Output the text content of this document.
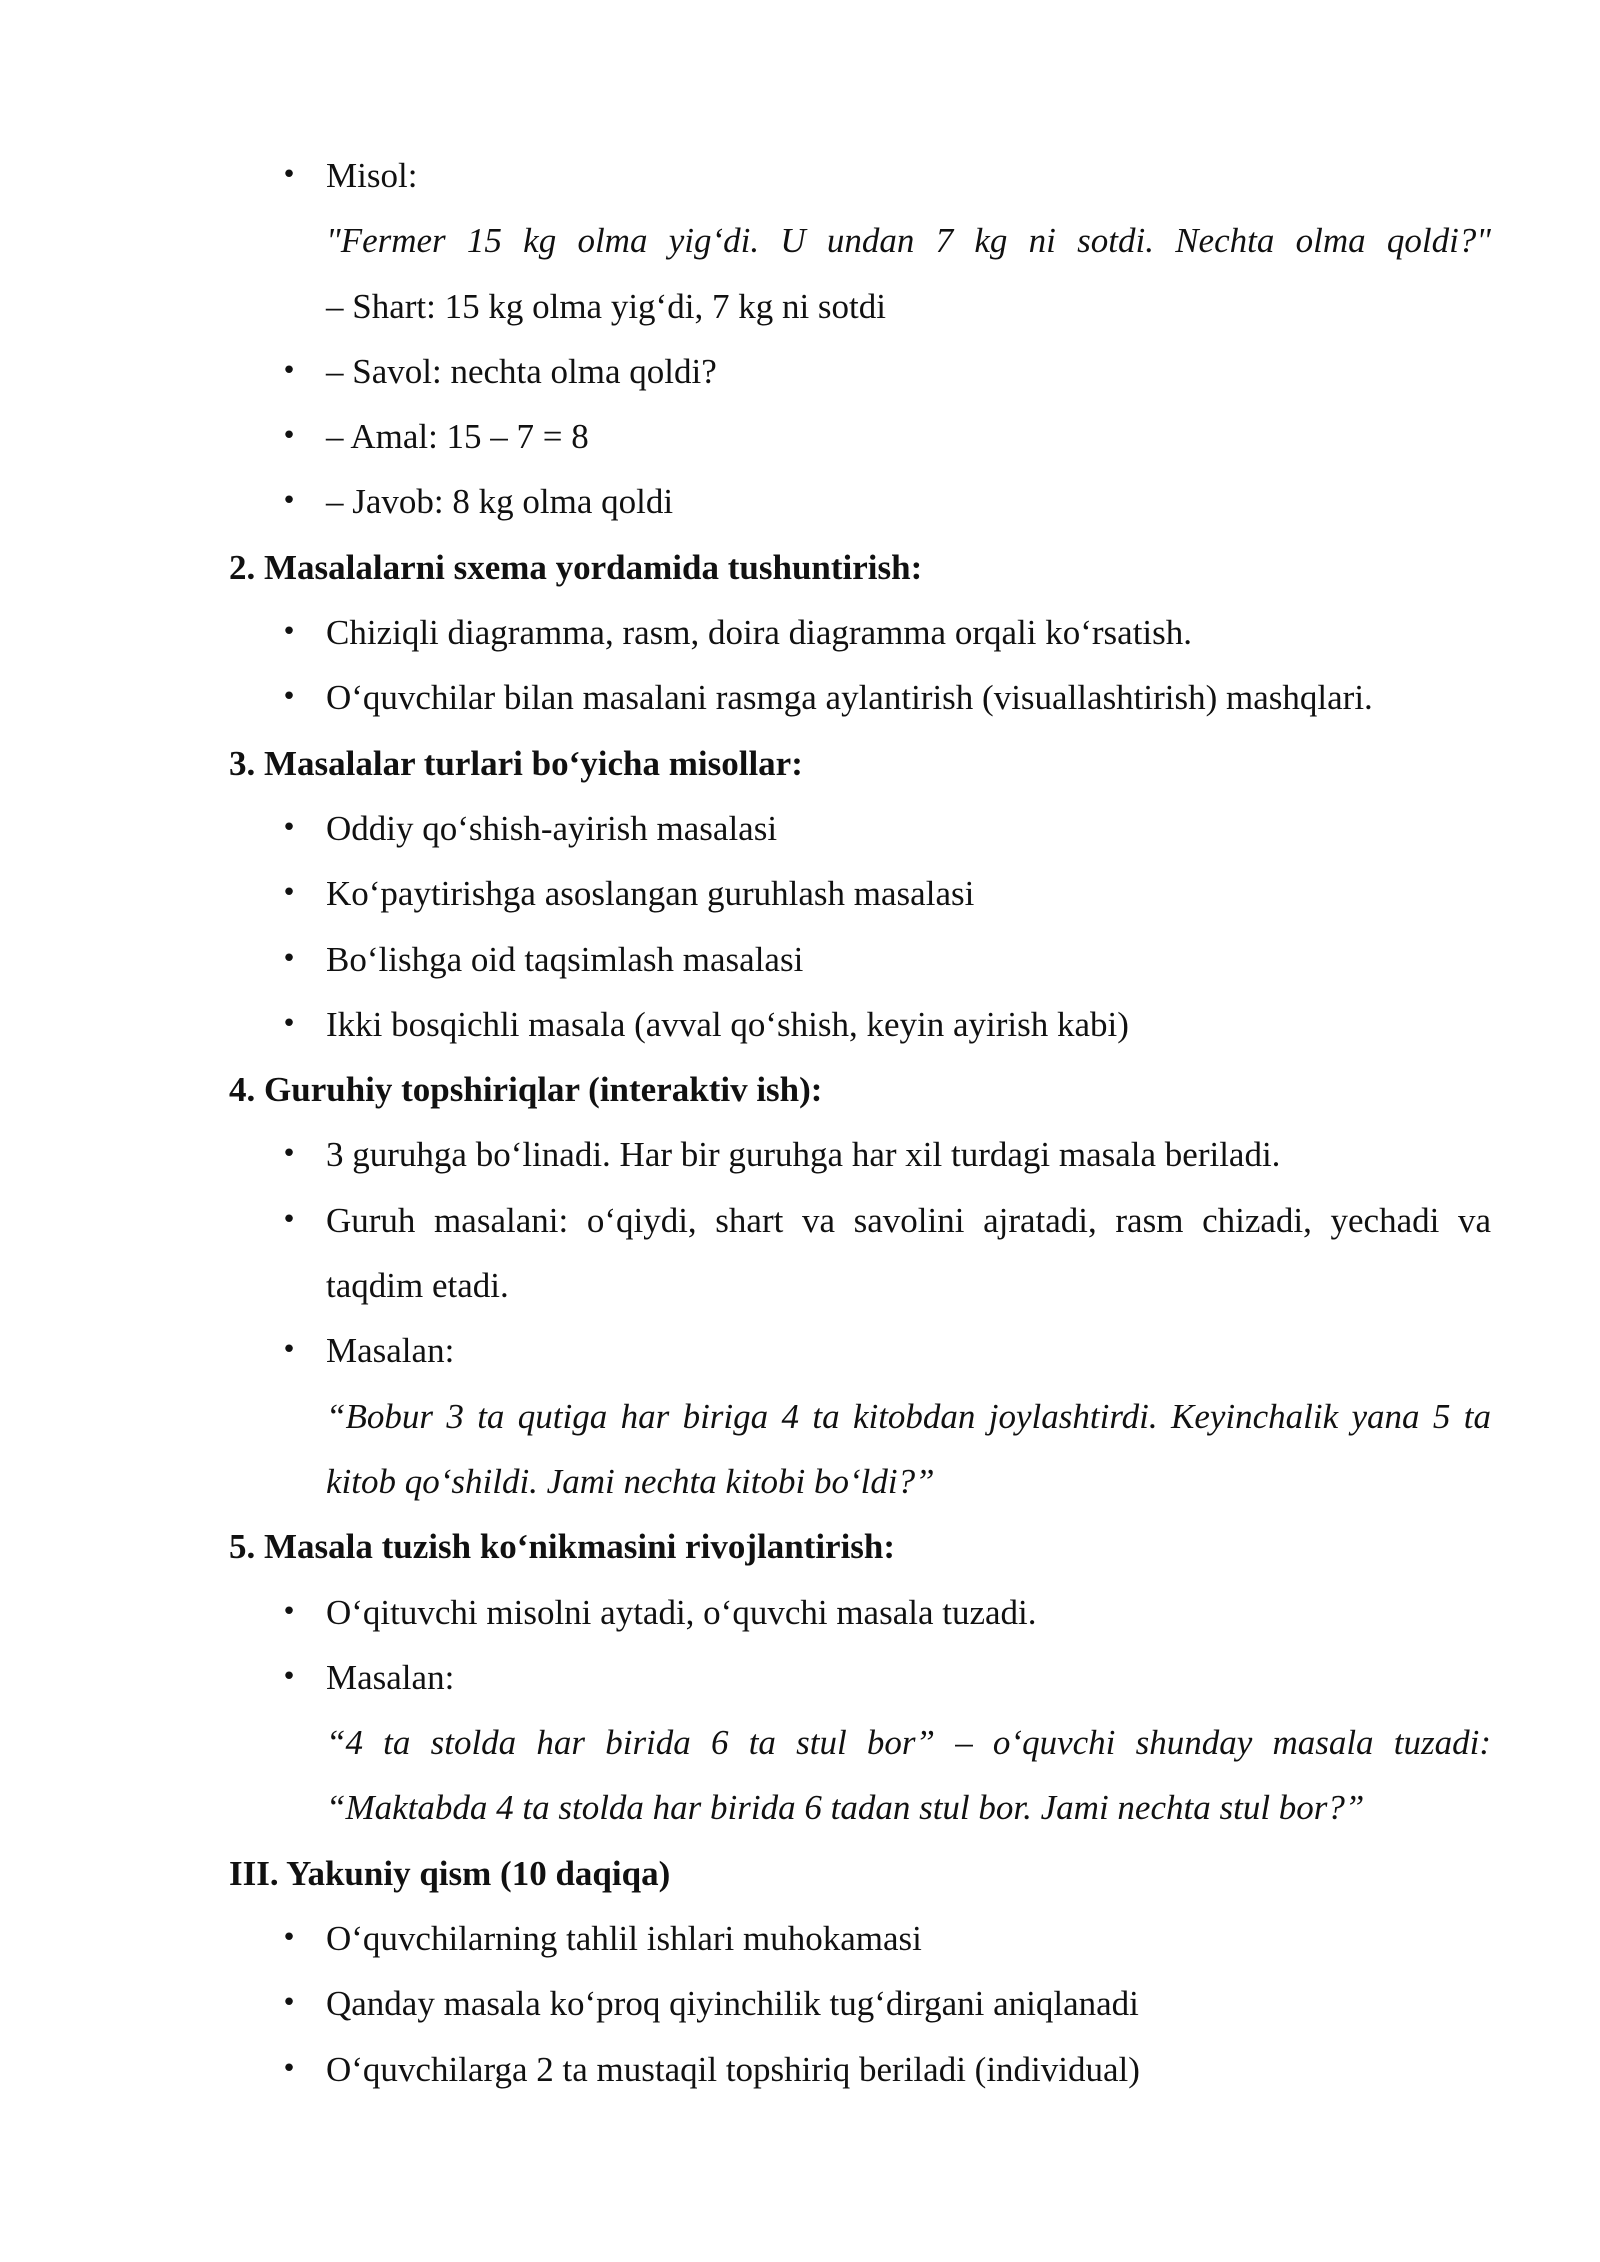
• Misol:
"Fermer 15 kg olma yig‘di. U undan 7 kg ni sotdi. Nechta olma qoldi?"
– Shart: 15 kg olma yig‘di, 7 kg ni sotdi
• – Savol: nechta olma qoldi?
• – Amal: 15 – 7 = 8
• – Javob: 8 kg olma qoldi
2. Masalalarni sxema yordamida tushuntirish:
• Chiziqli diagramma, rasm, doira diagramma orqali ko‘rsatish.
• O‘quvchilar bilan masalani rasmga aylantirish (visuallashtirish) mashqlari.
3. Masalalar turlari bo‘yicha misollar:
• Oddiy qo‘shish-ayirish masalasi
• Ko‘paytirishga asoslangan guruhlash masalasi
• Bo‘lishga oid taqsimlash masalasi
• Ikki bosqichli masala (avval qo‘shish, keyin ayirish kabi)
4. Guruhiy topshiriqlar (interaktiv ish):
• 3 guruhga bo‘linadi. Har bir guruhga har xil turdagi masala beriladi.
• Guruh masalani: o‘qiydi, shart va savolini ajratadi, rasm chizadi, yechadi va taqdim etadi.
• Masalan:
“Bobur 3 ta qutiga har biriga 4 ta kitobdan joylashtirdi. Keyinchalik yana 5 ta kitob qo‘shildi. Jami nechta kitobi bo‘ldi?”
5. Masala tuzish ko‘nikmasini rivojlantirish:
• O‘qituvchi misolni aytadi, o‘quvchi masala tuzadi.
• Masalan:
“4 ta stolda har birida 6 ta stul bor” – o‘quvchi shunday masala tuzadi:
“Maktabda 4 ta stolda har birida 6 tadan stul bor. Jami nechta stul bor?”
III. Yakuniy qism (10 daqiqa)
• O‘quvchilarning tahlil ishlari muhokamasi
• Qanday masala ko‘proq qiyinchilik tug‘dirgani aniqlanadi
• O‘quvchilarga 2 ta mustaqil topshiriq beriladi (individual)
